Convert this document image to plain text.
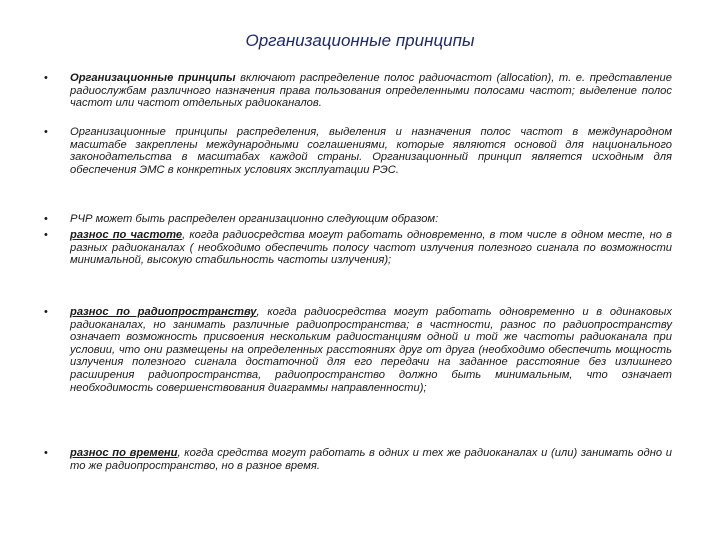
Организационные принципы
• Организационные принципы включают распределение полос радиочастот (allocation), т. е. представление радиослужбам различного назначения права пользования определенными полосами частот; выделение полос частот или частот отдельных радиоканалов.
• Организационные принципы распределения, выделения и назначения полос частот в международном масштабе закреплены международными соглашениями, которые являются основой для национального законодательства в масштабах каждой страны. Организационный принцип является исходным для обеспечения ЭМС в конкретных условиях эксплуатации РЭС.
• РЧР может быть распределен организационно следующим образом:
• разнос по частоте, когда радиосредства могут работать одновременно, в том числе в одном месте, но в разных радиоканалах ( необходимо обеспечить полосу частот излучения полезного сигнала по возможности минимальной, высокую стабильность частоты излучения);
• разнос по радиопространству, когда радиосредства могут работать одновременно и в одинаковых радиоканалах, но занимать различные радиопространства; в частности, разнос по радиопространству означает возможность присвоения нескольким радиостанциям одной и той же частоты радиоканала при условии, что они размещены на определенных расстояниях друг от друга (необходимо обеспечить мощность излучения полезного сигнала достаточной для его передачи на заданное расстояние без излишнего расширения радиопространства, радиопространство должно быть минимальным, что означает необходимость совершенствования диаграммы направленности);
• разнос по времени, когда средства могут работать в одних и тех же радиоканалах и (или) занимать одно и то же радиопространство, но в разное время.
